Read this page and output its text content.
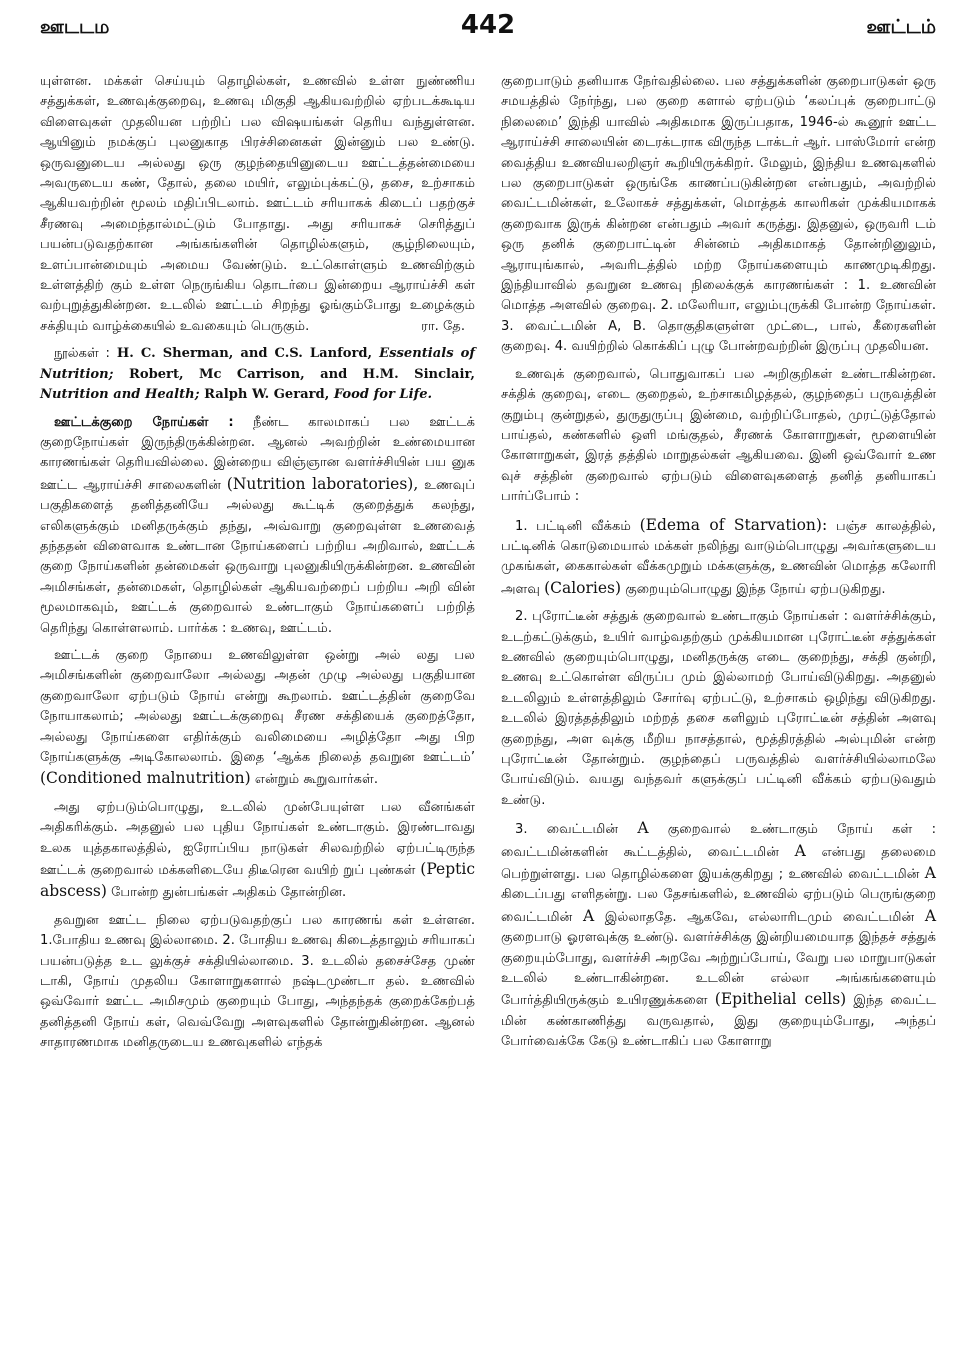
ஊடடம	442	ஊட்டம்

யுள்ளன. மக்கள் செய்யும் தொழில்கள், உணவில் உள்ள நுண்ணிய சத்துக்கள், உணவுக்குறைவு, உணவு மிகுதி ஆகியவற்றில் ஏற்படக்கூடிய விளைவுகள் முதலியன பற்றிப் பல விஷயங்கள் தெரிய வந்துள்ளன. ஆயினும் நமக்குப் புலனுகாத பிரச்சினைகள் இன்னும் பல உண்டு. ஒருவனுடைய அல்லது ஒரு குழந்தையினுடைய ஊட்டத்தன்மையை அவருடைய கண், தோல், தலை மயிர், எலும்புக்கட்டு, தசை, உற்சாகம் ஆகியவற்றின் மூலம் மதிப்பிடலாம். ஊட்டம் சரியாகக் கிடைப் பதற்குச் சீரணவு அமைந்தால்மட்டும் போதாது. அது சரியாகச் செரித்துப் பயன்படுவதற்கான அங்கங்களின் தொழில்களும், சூழ்நிலையும், உளப்பான்மையும் அமைய வேண்டும். உட்கொள்ளும் உணவிற்கும் உள்ளத்திற் கும் உள்ள நெருங்கிய தொடர்பை இன்றைய ஆராய்ச்சி கள் வற்புறுத்துகின்றன. உடலில் ஊட்டம் சிறந்து ஓங்கும்போது உழைக்கும் சக்தியும் வாழ்க்கையில் உவகையும் பெருகும்.	ரா. தே.

நூல்கள் : H. C. Sherman, and C.S. Lanford, Essentials of Nutrition; Robert, Mc Carrison, and H.M. Sinclair, Nutrition and Health; Ralph W. Gerard, Food for Life.

ஊட்டக்குறை நோய்கள் : நீண்ட காலமாகப் பல ஊட்டக் குறைநோய்கள் இருந்திருக்கின்றன. ஆனல் அவற்றின் உண்மையான காரணங்கள் தெரியவில்லை. இன்றைய விஞ்ஞான வளர்ச்சியின் பய னுக ஊட்ட ஆராய்ச்சி சாலைகளின் (Nutrition laboratories), உணவுப் பகுதிகளைத் தனித்தனியே அல்லது கூட்டிக் குறைத்துக் கலந்து, எலிகளுக்கும் மனிதருக்கும் தந்து, அவ்வாறு குறைவுள்ள உணவைத் தந்ததன் விளைவாக உண்டான நோய்களைப் பற்றிய அறிவால், ஊட்டக் குறை நோய்களின் தன்மைகள் ஒருவாறு புலனுகியிருக்கின்றன. உணவின் அமிசங்கள், தன்மைகள், தொழில்கள் ஆகியவற்றைப் பற்றிய அறி வின் மூலமாகவும், ஊட்டக் குறைவால் உண்டாகும் நோய்களைப் பற்றித் தெரிந்து கொள்ளலாம். பார்க்க : உணவு, ஊட்டம்.

ஊட்டக் குறை நோயை உணவிலுள்ள ஒன்று அல் லது பல அமிசங்களின் குறைவாலோ அல்லது அதன் முழு அல்லது பகுதியான குறைவாலோ ஏற்படும் நோய் என்று கூறலாம். ஊட்டத்தின் குறைவே நோயாகலாம்; அல்லது ஊட்டக்குறைவு சீரண சக்தியைக் குறைத்தோ, அல்லது நோய்களை எதிர்க்கும் வலிமையை அழித்தோ அது பிற நோய்களுக்கு அடிகோலலாம். இதை ‘ஆக்க நிலைத் தவறுன ஊட்டம்’ (Conditioned malnutrition) என்றும் கூறுவார்கள்.

அது ஏற்படும்பொழுது, உடலில் முன்பேயுள்ள பல வீனங்கள் அதிகரிக்கும். அதனுல் பல புதிய நோய்கள் உண்டாகும். இரண்டாவது உலக யுத்தகாலத்தில், ஐரோப்பிய நாடுகள் சிலவற்றில் ஏற்பட்டிருந்த ஊட்டக் குறைவால் மக்களிடையே திடீரென வயிற் றுப் புண்கள் (Peptic abscess) போன்ற துன்பங்கள் அதிகம் தோன்றின.

தவறுன ஊட்ட நிலை ஏற்படுவதற்குப் பல காரணங் கள் உள்ளன. 1.போதிய உணவு இல்லாமை. 2. போதிய உணவு கிடைத்தாலும் சரியாகப் பயன்படுத்த உட லுக்குச் சக்தியில்லாமை. 3. உடலில் தசைச்சேத முண் டாகி, நோய் முதலிய கோளாறுகளால் நஷ்டமுண்டா தல். உணவில் ஒவ்வோர் ஊட்ட அமிசமும் குறையும் போது, அந்தந்தக் குறைக்கேற்பத் தனித்தனி நோய் கள், வெவ்வேறு அளவுகளில் தோன்றுகின்றன. ஆனல் சாதாரணமாக மனிதருடைய உணவுகளில் எந்தக்

குறைபாடும் தனியாக நேர்வதில்லை. பல சத்துக்களின் குறைபாடுகள் ஒரு சமயத்தில் நேர்ந்து, பல குறை களால் ஏற்படும் ‘கலப்புக் குறைபாட்டு நிலைமை’ இந்தி யாவில் அதிகமாக இருப்பதாக, 1946-ல் கூனூர் ஊட்ட ஆராய்ச்சி சாலையின் டைரக்டராக விருந்த டாக்டர் ஆர். பாஸ்மோர் என்ற வைத்திய உணவியலறிஞர் கூறியிருக்கிறர். மேலும், இந்திய உணவுகளில் பல குறைபாடுகள் ஒருங்கே காணப்படுகின்றன என்பதும், அவற்றில் வைட்டமின்கள், உலோகச் சத்துக்கள், மொத்தக் காலரிகள் முக்கியமாகக் குறைவாக இருக் கின்றன என்பதும் அவர் கருத்து. இதனுல், ஒருவரி டம் ஒரு தனிக் குறைபாட்டின் சின்னம் அதிகமாகத் தோன்றினுலும், ஆராயுங்கால், அவரிடத்தில் மற்ற நோய்களையும் காணமுடிகிறது. இந்தியாவில் தவறுன உணவு நிலைக்குக் காரணங்கள் : 1. உணவின் மொத்த அளவில் குறைவு. 2. மலேரியா, எலும்புருக்கி போன்ற நோய்கள். 3. வைட்டமின் A, B. தொகுதிகளுள்ள முட்டை, பால், கீரைகளின் குறைவு. 4. வயிற்றில் கொக்கிப் புழு போன்றவற்றின் இருப்பு முதலியன.

உணவுக் குறைவால், பொதுவாகப் பல அறிகுறிகள் உண்டாகின்றன. சக்திக் குறைவு, எடை குறைதல், உற்சாகமிழத்தல், குழந்தைப் பருவத்தின் குறும்பு குன்றுதல், துருதுருப்பு இன்மை, வற்றிப்போதல், முரட்டுத்தோல் பாய்தல், கண்களில் ஒளி மங்குதல், சீரணக் கோளாறுகள், மூளையின் கோளாறுகள், இரத் தத்தில் மாறுதல்கள் ஆகியவை. இனி ஒவ்வோர் உண வுச் சத்தின் குறைவால் ஏற்படும் விளைவுகளைத் தனித் தனியாகப் பார்ப்போம் :

1. பட்டினி வீக்கம் (Edema of Starvation): பஞ்ச காலத்தில், பட்டினிக் கொடுமையால் மக்கள் நலிந்து வாடும்பொழுது அவர்களுடைய முகங்கள், கைகால்கள் வீக்கமுறும் மக்களுக்கு, உணவின் மொத்த கலோரி அளவு (Calories) குறையும்பொழுது இந்த நோய் ஏற்படுகிறது.

2. புரோட்டீன் சத்துக் குறைவால் உண்டாகும் நோய்கள் : வளர்ச்சிக்கும், உடற்கட்டுக்கும், உயிர் வாழ்வதற்கும் முக்கியமான புரோட்டீன் சத்துக்கள் உணவில் குறையும்பொழுது, மனிதருக்கு எடை குறைந்து, சக்தி குன்றி, உணவு உட்கொள்ள விருப்ப மும் இல்லாமற் போய்விடுகிறது. அதனுல் உடலிலும் உள்ளத்திலும் சோர்வு ஏற்பட்டு, உற்சாகம் ஒழிந்து விடுகிறது. உடலில் இரத்தத்திலும் மற்றத் தசை களிலும் புரோட்டீன் சத்தின் அளவு குறைந்து, அள வுக்கு மீறிய நாசத்தால், மூத்திரத்தில் அல்புமின் என்ற புரோட்டீன் தோன்றும். குழந்தைப் பருவத்தில் வளர்ச்சியில்லாமலே போய்விடும். வயது வந்தவர் களுக்குப் பட்டினி வீக்கம் ஏற்படுவதும் உண்டு.

3. வைட்டமின் A குறைவால் உண்டாகும் நோய் கள் : வைட்டமின்களின் கூட்டத்தில், வைட்டமின் A என்பது தலைமை பெற்றுள்ளது. பல தொழில்களை இயக்குகிறது ; உணவில் வைட்டமின் A கிடைப்பது எளிதன்று. பல தேசங்களில், உணவில் ஏற்படும் பெருங்குறை வைட்டமின் A இல்லாததே. ஆகவே, எல்லாரிடமும் வைட்டமின் A குறைபாடு ஓரளவுக்கு உண்டு. வளர்ச்சிக்கு இன்றியமையாத இந்தச் சத்துக் குறையும்போது, வளர்ச்சி அறவே அற்றுப்போய், வேறு பல மாறுபாடுகள் உடலில் உண்டாகின்றன. உடலின் எல்லா அங்கங்களையும் போர்த்தியிருக்கும் உயிரணுக்களை (Epithelial cells) இந்த வைட்ட மின் கண்காணித்து வருவதால், இது குறையும்போது, அந்தப் போர்வைக்கே கேடு உண்டாகிப் பல கோளாறு
